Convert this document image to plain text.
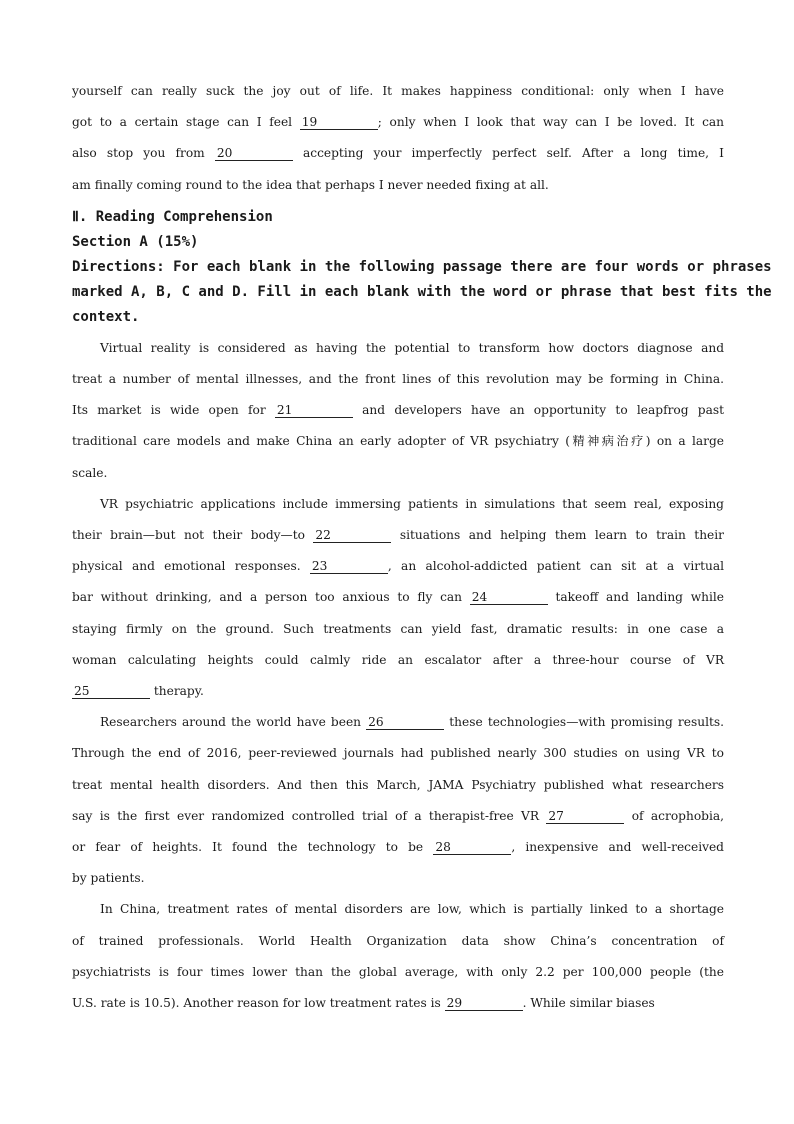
yourself can really suck the joy out of life. It makes happiness conditional: only when I have
got to a certain stage can I feel 19	; only when I look that way can I be loved. It can
also stop you from 20	accepting your imperfectly perfect self. After a long time, I
am finally coming round to the idea that perhaps I never needed fixing at all.

Ⅱ. Reading Comprehension

Section A (15%)

Directions: For each blank in the following passage there are four words or phrases
marked A, B, C and D. Fill in each blank with the word or phrase that best fits the
context.
Virtual reality is considered as having the potential to transform how doctors diagnose and
treat a number of mental illnesses, and the front lines of this revolution may be forming in China.
Its market is wide open for 21	and developers have an opportunity to leapfrog past
traditional care models and make China an early adopter of VR psychiatry (精神病治疗) on a large
scale.
VR psychiatric applications include immersing patients in simulations that seem real, exposing
their brain—but not their body—to 22	situations and helping them learn to train their
physical and emotional responses. 23	, an alcohol-addicted patient can sit at a virtual
bar without drinking, and a person too anxious to fly can 24	takeoff and landing while
staying firmly on the ground. Such treatments can yield fast, dramatic results: in one case a
woman calculating heights could calmly ride an escalator after a three-hour course of VR
25	therapy.
Researchers around the world have been 26	these technologies—with promising results.
Through the end of 2016, peer-reviewed journals had published nearly 300 studies on using VR to
treat mental health disorders. And then this March, JAMA Psychiatry published what researchers
say is the first ever randomized controlled trial of a therapist-free VR 27	of acrophobia,
or fear of heights. It found the technology to be 28	, inexpensive and well-received
by patients.
In China, treatment rates of mental disorders are low, which is partially linked to a shortage
of trained professionals. World Health Organization data show China’s concentration of
psychiatrists is four times lower than the global average, with only 2.2 per 100,000 people (the
U.S. rate is 10.5). Another reason for low treatment rates is 29	. While similar biases
